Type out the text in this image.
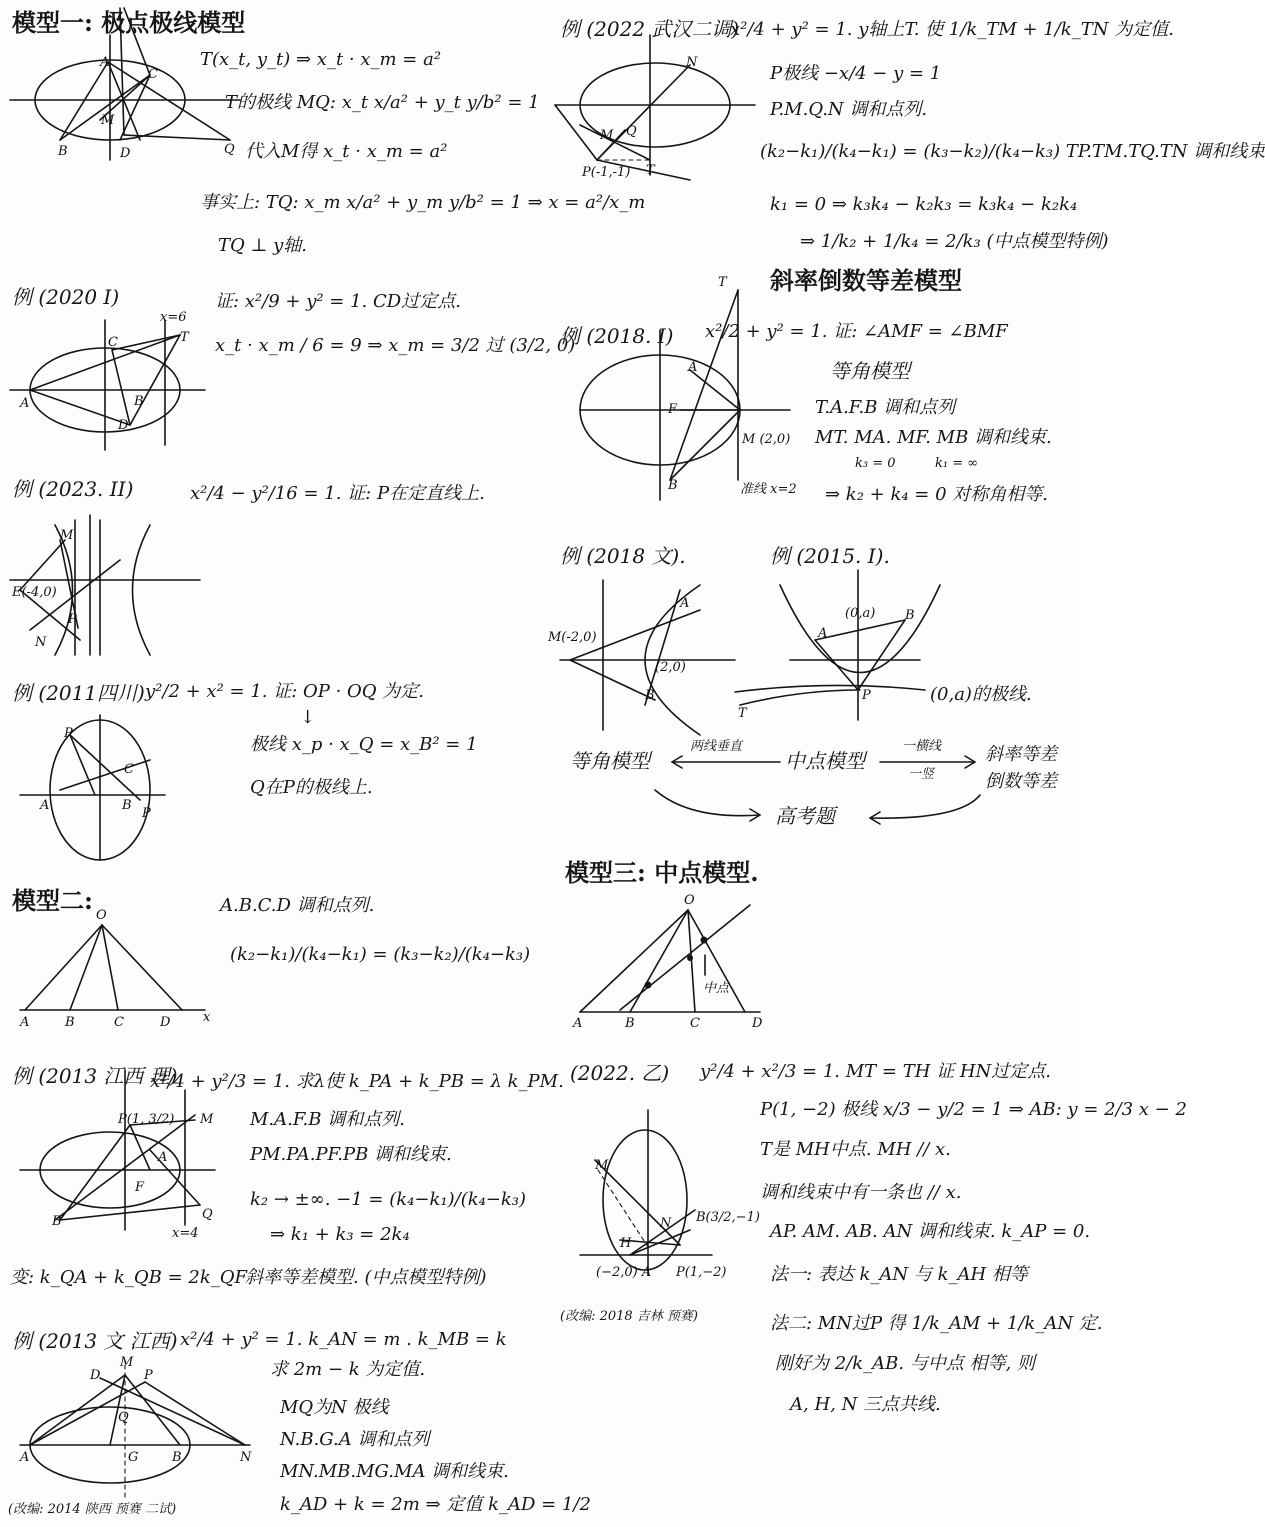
模型一: 极点极线模型
A
C
M
B	D	Q
T(x_t, y_t) ⇒ x_t · x_m = a²
T的极线 MQ: x_t x/a² + y_t y/b² = 1
代入M得 x_t · x_m = a²
事实上: TQ: x_m x/a² + y_m y/b² = 1 ⇒ x = a²/x_m
TQ ⊥ y轴.
例 (2020 I)
A
C
B
D
T
x=6
证: x²/9 + y² = 1. CD过定点.
x_t · x_m / 6 = 9 ⇒ x_m = 3/2 过 (3/2, 0)
例 (2023. II)
M
E(-4,0)
N
P
x²/4 − y²/16 = 1. 证: P在定直线上.
例 (2011四川)
P
C
A	B
P
y²/2 + x² = 1. 证: OP · OQ 为定.
↓
极线 x_p · x_Q = x_B² = 1
Q在P的极线上.
模型二:
O
A	B	C	D	x
A.B.C.D 调和点列.
(k₂−k₁)/(k₄−k₁) = (k₃−k₂)/(k₄−k₃)
例 (2013 江西 理)
P(1, 3/2) M
A
F
B	Q
x=4
x²/4 + y²/3 = 1. 求λ使 k_PA + k_PB = λ k_PM.
M.A.F.B 调和点列.
PM.PA.PF.PB 调和线束.
k₂ → ±∞. −1 = (k₄−k₁)/(k₄−k₃)
⇒ k₁ + k₃ = 2k₄
变: k_QA + k_QB = 2k_QF
斜率等差模型. (中点模型特例)
例 (2013 文 江西)
D
M
P
Q
A	G	B	N
x²/4 + y² = 1. k_AN = m . k_MB = k
求 2m − k 为定值.
MQ为N 极线
N.B.G.A 调和点列
MN.MB.MG.MA 调和线束.
k_AD + k = 2m ⇒ 定值 k_AD = 1/2
(改编: 2014 陕西 预赛 二试)
例 (2022 武汉二调)
x²/4 + y² = 1. y轴上T. 使 1/k_TM + 1/k_TN 为定值.
N
M Q
P(-1,-1) T
P极线 −x/4 − y = 1
P.M.Q.N 调和点列.
(k₂−k₁)/(k₄−k₁) = (k₃−k₂)/(k₄−k₃) TP.TM.TQ.TN 调和线束
k₁ = 0 ⇒ k₃k₄ − k₂k₃ = k₃k₄ − k₂k₄
⇒ 1/k₂ + 1/k₄ = 2/k₃ (中点模型特例)
斜率倒数等差模型
例 (2018. I)
T
A
F
B
M (2,0)
准线 x=2
x²/2 + y² = 1. 证: ∠AMF = ∠BMF
等角模型
T.A.F.B 调和点列
MT. MA. MF. MB 调和线束.
k₃ = 0	k₁ = ∞
⇒ k₂ + k₄ = 0 对称角相等.
例 (2018 文).
M(-2,0)
A
(2,0)
B
例 (2015. I).
(0,a)
A
B
P
T
(0,a)的极线.
等角模型
两线垂直
中点模型
一横线
一竖
斜率等差
倒数等差
高考题
模型三: 中点模型.
O
A	B	C	D
中点
(2022. 乙) y²/4 + x²/3 = 1. MT = TH 证 HN过定点.
M
N
H
B(3/2,−1)
(−2,0) A P(1,−2)
P(1, −2) 极线 x/3 − y/2 = 1 ⇒ AB: y = 2/3 x − 2
T是 MH中点. MH // x.
调和线束中有一条也 // x.
AP. AM. AB. AN 调和线束. k_AP = 0.
法一: 表达 k_AN 与 k_AH 相等
法二: MN过P 得 1/k_AM + 1/k_AN 定.
刚好为 2/k_AB. 与中点 相等, 则
A, H, N 三点共线.
(改编: 2018 吉林 预赛)
